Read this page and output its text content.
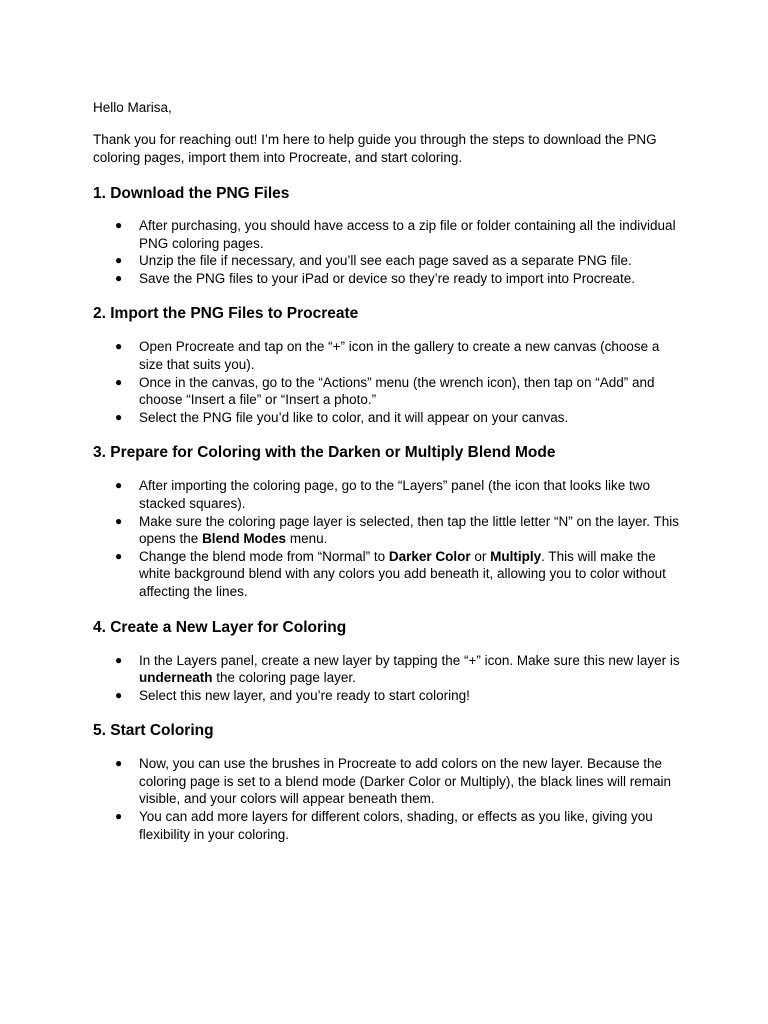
Hello Marisa,

Thank you for reaching out! I’m here to help guide you through the steps to download the PNG coloring pages, import them into Procreate, and start coloring.

1. Download the PNG Files
● After purchasing, you should have access to a zip file or folder containing all the individual PNG coloring pages.
● Unzip the file if necessary, and you’ll see each page saved as a separate PNG file.
● Save the PNG files to your iPad or device so they’re ready to import into Procreate.
2. Import the PNG Files to Procreate
● Open Procreate and tap on the “+” icon in the gallery to create a new canvas (choose a size that suits you).
● Once in the canvas, go to the “Actions” menu (the wrench icon), then tap on “Add” and choose “Insert a file” or “Insert a photo.”
● Select the PNG file you’d like to color, and it will appear on your canvas.
3. Prepare for Coloring with the Darken or Multiply Blend Mode
● After importing the coloring page, go to the “Layers” panel (the icon that looks like two stacked squares).
● Make sure the coloring page layer is selected, then tap the little letter “N” on the layer. This opens the Blend Modes menu.
● Change the blend mode from “Normal” to Darker Color or Multiply. This will make the white background blend with any colors you add beneath it, allowing you to color without affecting the lines.
4. Create a New Layer for Coloring
● In the Layers panel, create a new layer by tapping the “+” icon. Make sure this new layer is underneath the coloring page layer.
● Select this new layer, and you’re ready to start coloring!
5. Start Coloring
● Now, you can use the brushes in Procreate to add colors on the new layer. Because the coloring page is set to a blend mode (Darker Color or Multiply), the black lines will remain visible, and your colors will appear beneath them.
● You can add more layers for different colors, shading, or effects as you like, giving you flexibility in your coloring.
